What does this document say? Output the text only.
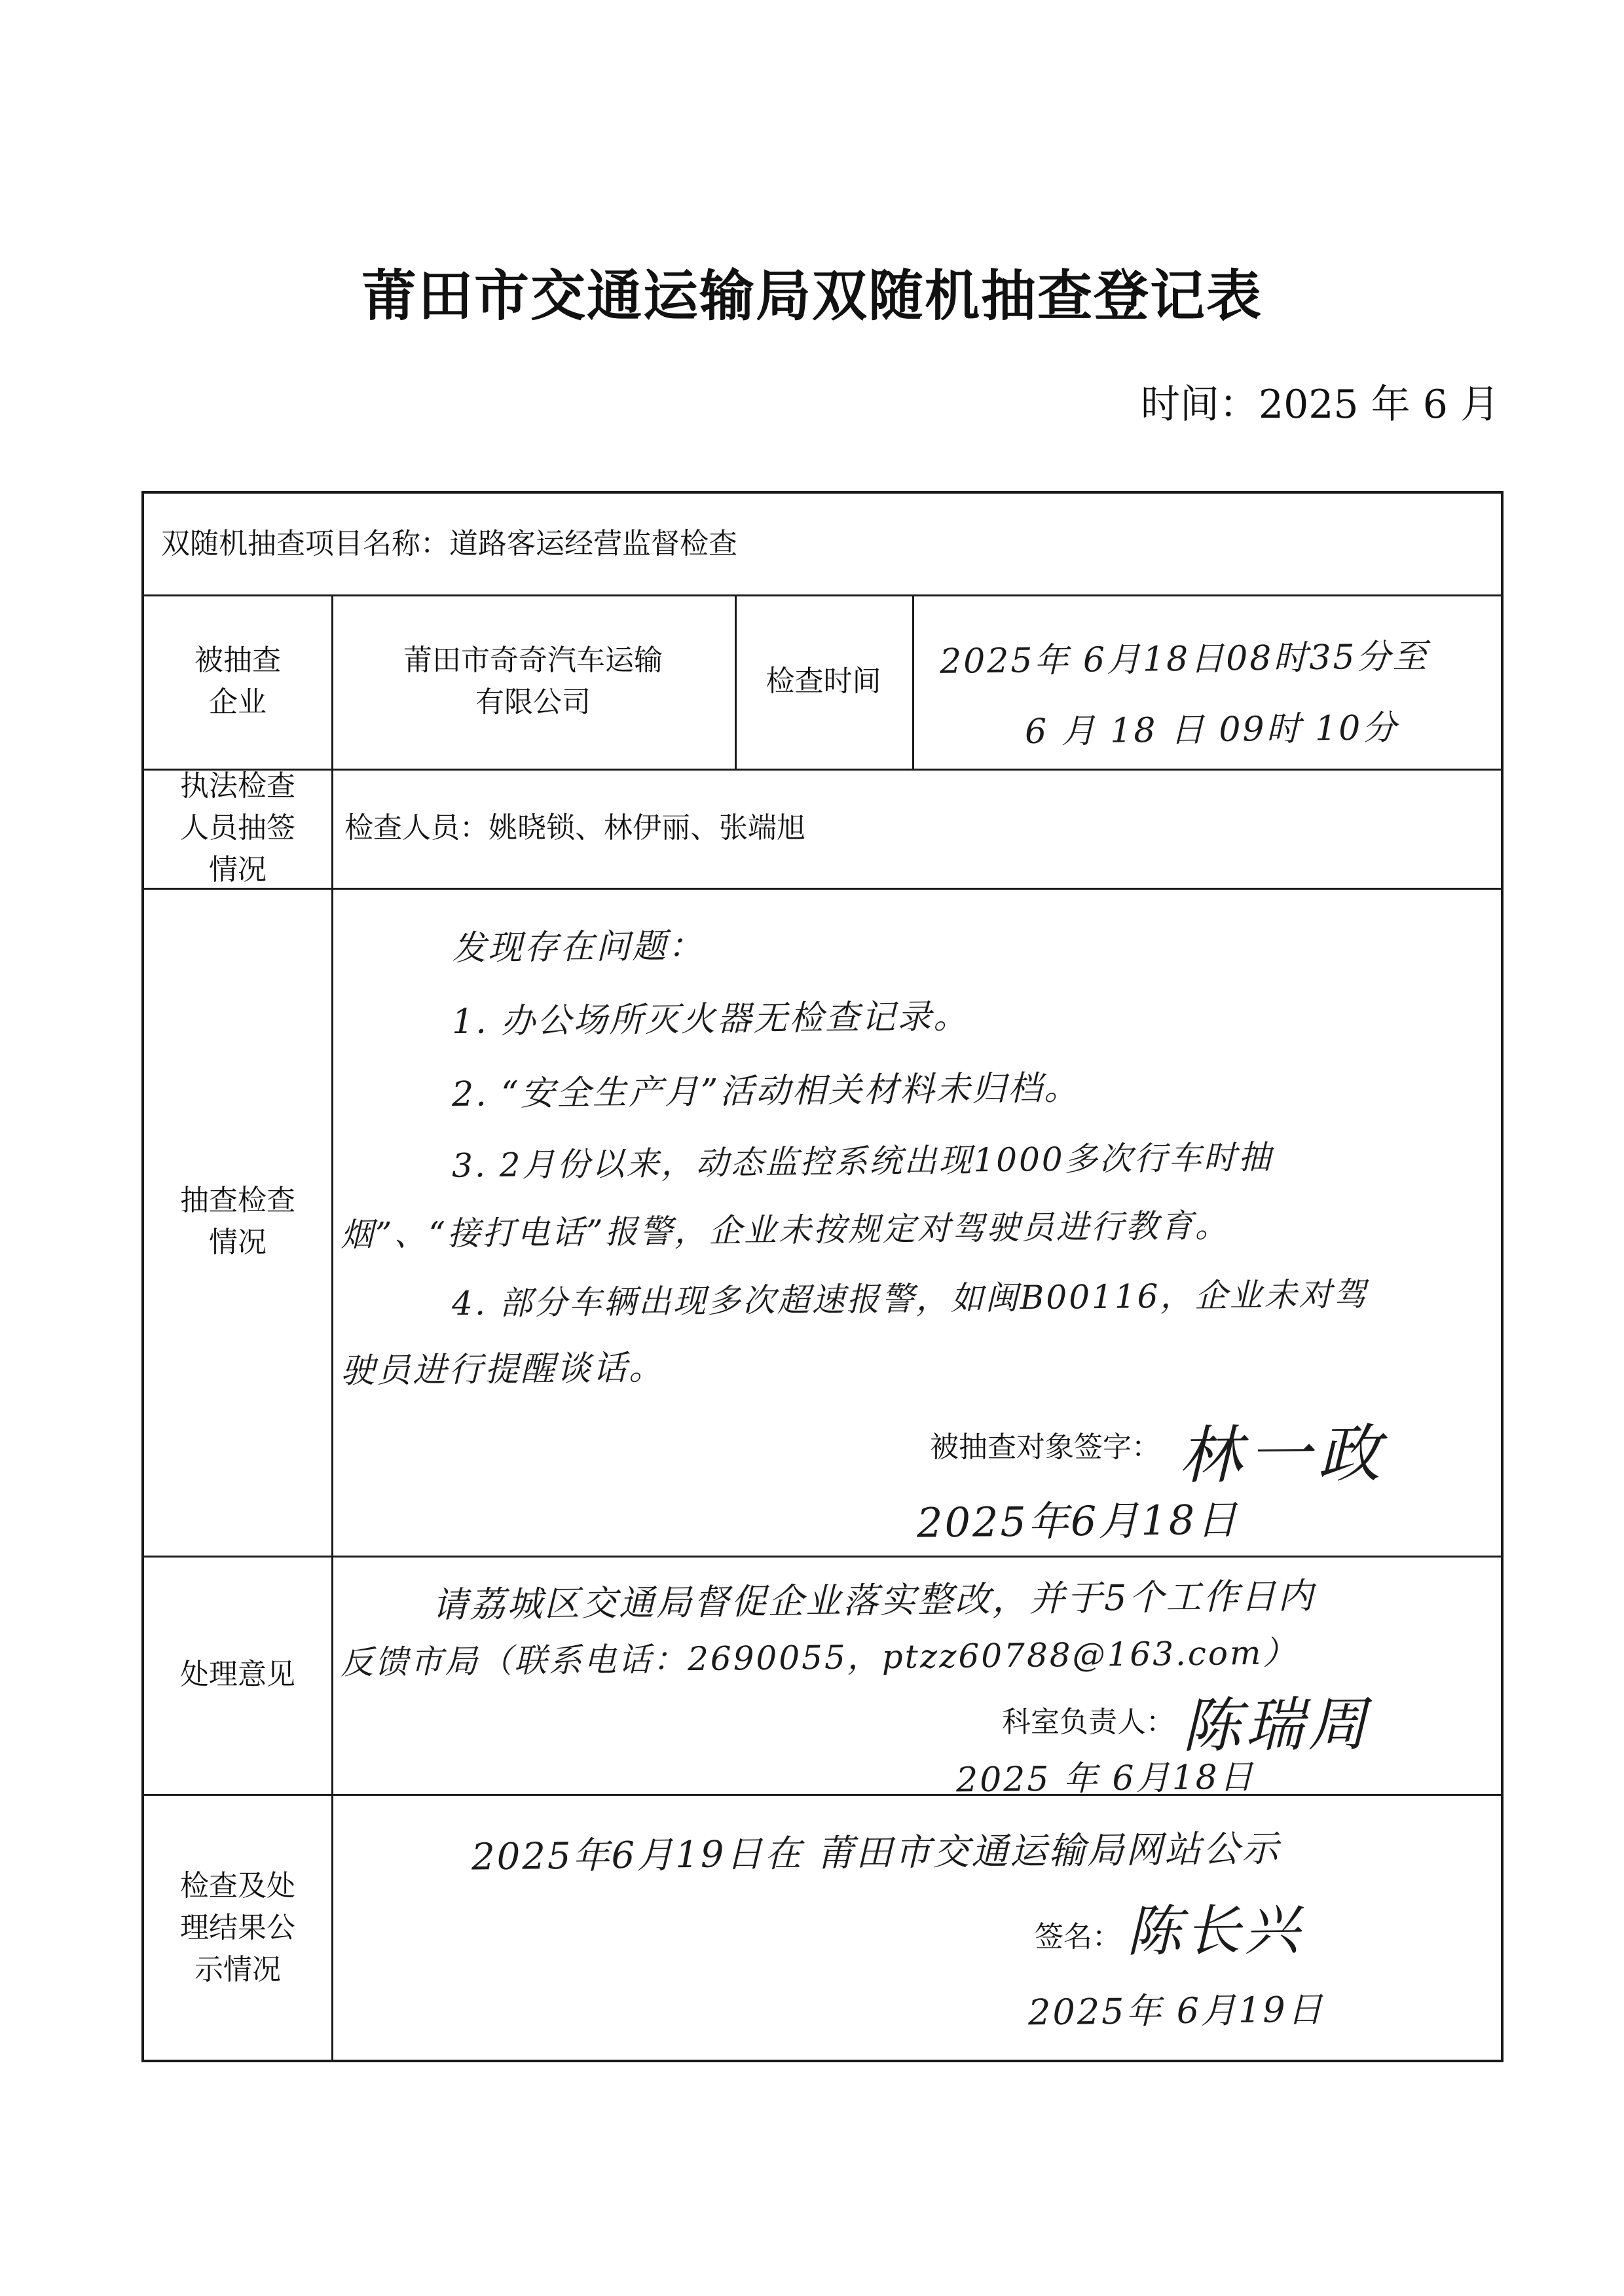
莆田市交通运输局双随机抽查登记表
时间：2025 年 6 月
双随机抽查项目名称：道路客运经营监督检查
被抽查
企业
莆田市奇奇汽车运输
有限公司
检查时间	2025年 6月18日08时35分至
6 月 18 日 09时 10分
执法检查
人员抽签
情况
检查人员：姚晓锁、林伊丽、张端旭
抽查检查
情况
发现存在问题：
1. 办公场所灭火器无检查记录。
2. “安全生产月”活动相关材料未归档。
3. 2月份以来，动态监控系统出现1000多次行车时抽
烟”、“接打电话”报警，企业未按规定对驾驶员进行教育。
4. 部分车辆出现多次超速报警，如闽B00116，企业未对驾
驶员进行提醒谈话。
被抽查对象签字： 林一政
2025年6月18日
处理意见
请荔城区交通局督促企业落实整改，并于5个工作日内
反馈市局（联系电话：2690055，ptzz60788@163.com）
科室负责人： 陈瑞周
2025 年 6月18日
检查及处
理结果公
示情况
2025年6月19日在 莆田市交通运输局网站公示
签名： 陈长兴
2025年 6月19日
